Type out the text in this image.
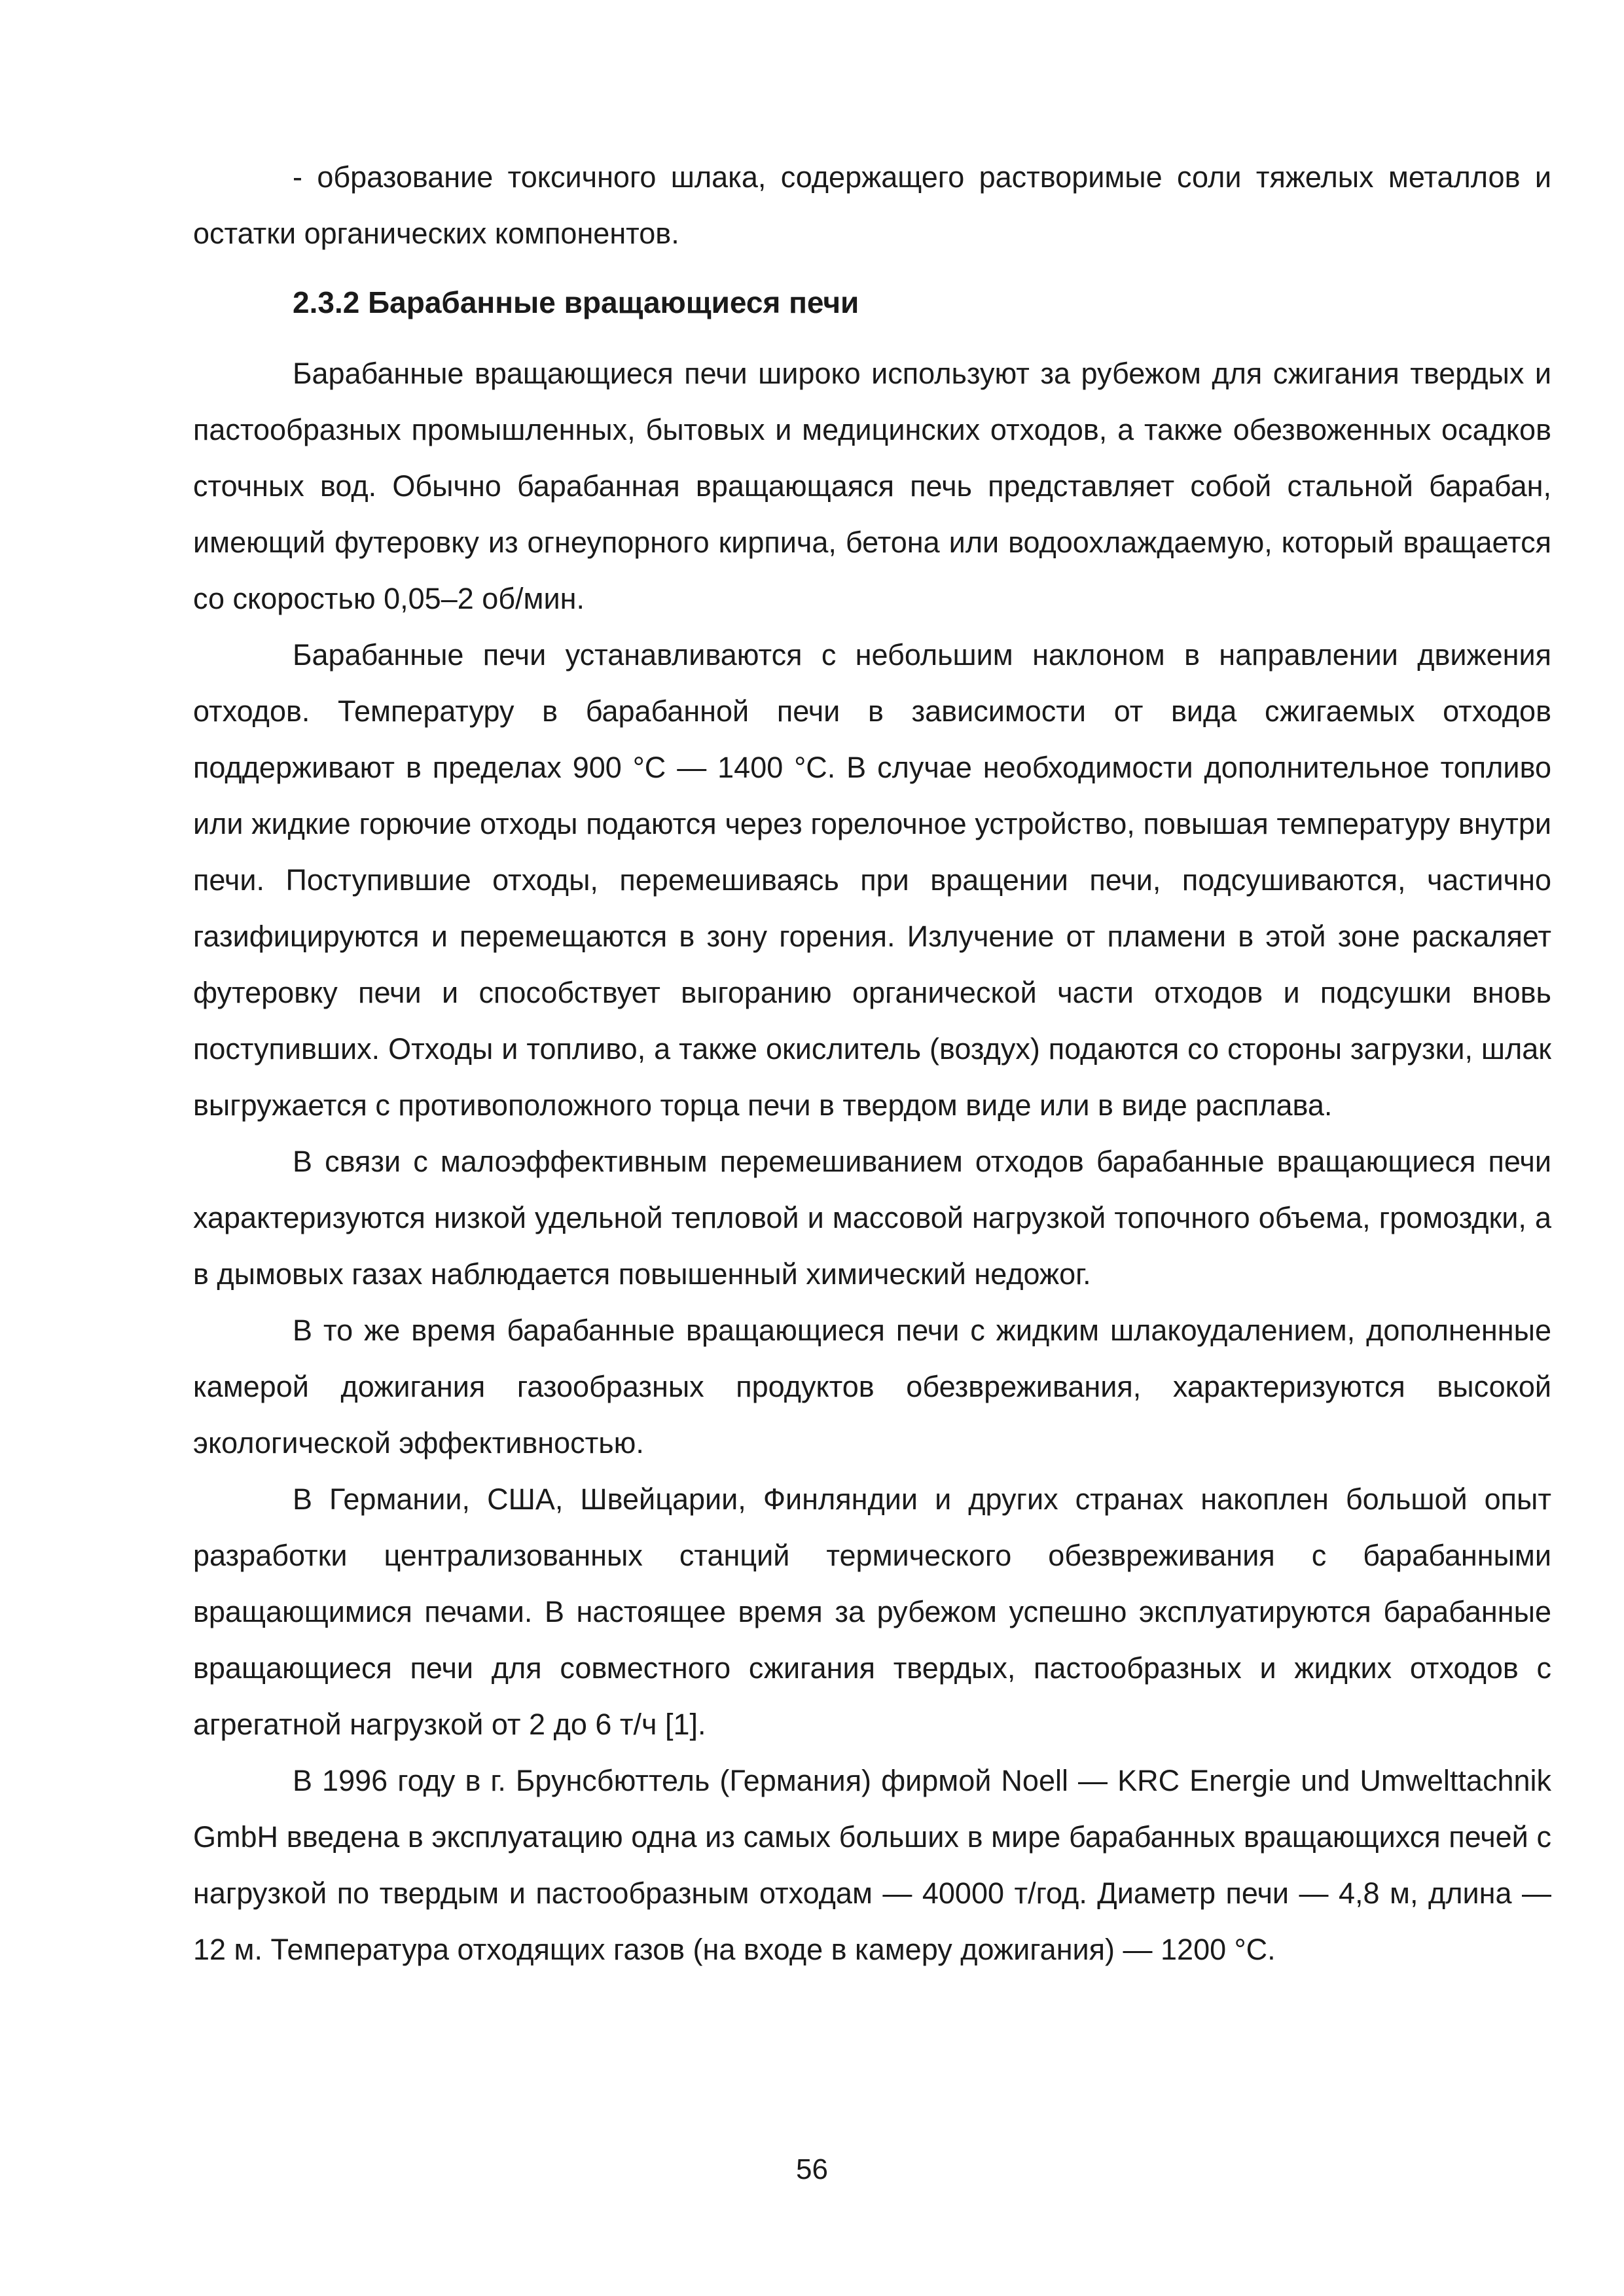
- образование токсичного шлака, содержащего растворимые соли тяжелых металлов и остатки органических компонентов.

2.3.2 Барабанные вращающиеся печи

Барабанные вращающиеся печи широко используют за рубежом для сжигания твердых и пастообразных промышленных, бытовых и медицинских отходов, а также обезвоженных осадков сточных вод. Обычно барабанная вращающаяся печь представляет собой стальной барабан, имеющий футеровку из огнеупорного кирпича, бетона или водоохлаждаемую, который вращается со скоростью 0,05–2 об/мин.

Барабанные печи устанавливаются с небольшим наклоном в направлении движения отходов. Температуру в барабанной печи в зависимости от вида сжигаемых отходов поддерживают в пределах 900 °С — 1400 °С. В случае необходимости дополнительное топливо или жидкие горючие отходы подаются через горелочное устройство, повышая температуру внутри печи. Поступившие отходы, перемешиваясь при вращении печи, подсушиваются, частично газифицируются и перемещаются в зону горения. Излучение от пламени в этой зоне раскаляет футеровку печи и способствует выгоранию органической части отходов и подсушки вновь поступивших. Отходы и топливо, а также окислитель (воздух) подаются со стороны загрузки, шлак выгружается с противоположного торца печи в твердом виде или в виде расплава.

В связи с малоэффективным перемешиванием отходов барабанные вращающиеся печи характеризуются низкой удельной тепловой и массовой нагрузкой топочного объема, громоздки, а в дымовых газах наблюдается повышенный химический недожог.

В то же время барабанные вращающиеся печи с жидким шлакоудалением, дополненные камерой дожигания газообразных продуктов обезвреживания, характеризуются высокой экологической эффективностью.

В Германии, США, Швейцарии, Финляндии и других странах накоплен большой опыт разработки централизованных станций термического обезвреживания с барабанными вращающимися печами. В настоящее время за рубежом успешно эксплуатируются барабанные вращающиеся печи для совместного сжигания твердых, пастообразных и жидких отходов с агрегатной нагрузкой от 2 до 6 т/ч [1].

В 1996 году в г. Брунсбюттель (Германия) фирмой Noell — KRC Energie und Umwelttachnik GmbH введена в эксплуатацию одна из самых больших в мире барабанных вращающихся печей с нагрузкой по твердым и пастообразным отходам — 40000 т/год. Диаметр печи — 4,8 м, длина — 12 м. Температура отходящих газов (на входе в камеру дожигания) — 1200 °С.

56
